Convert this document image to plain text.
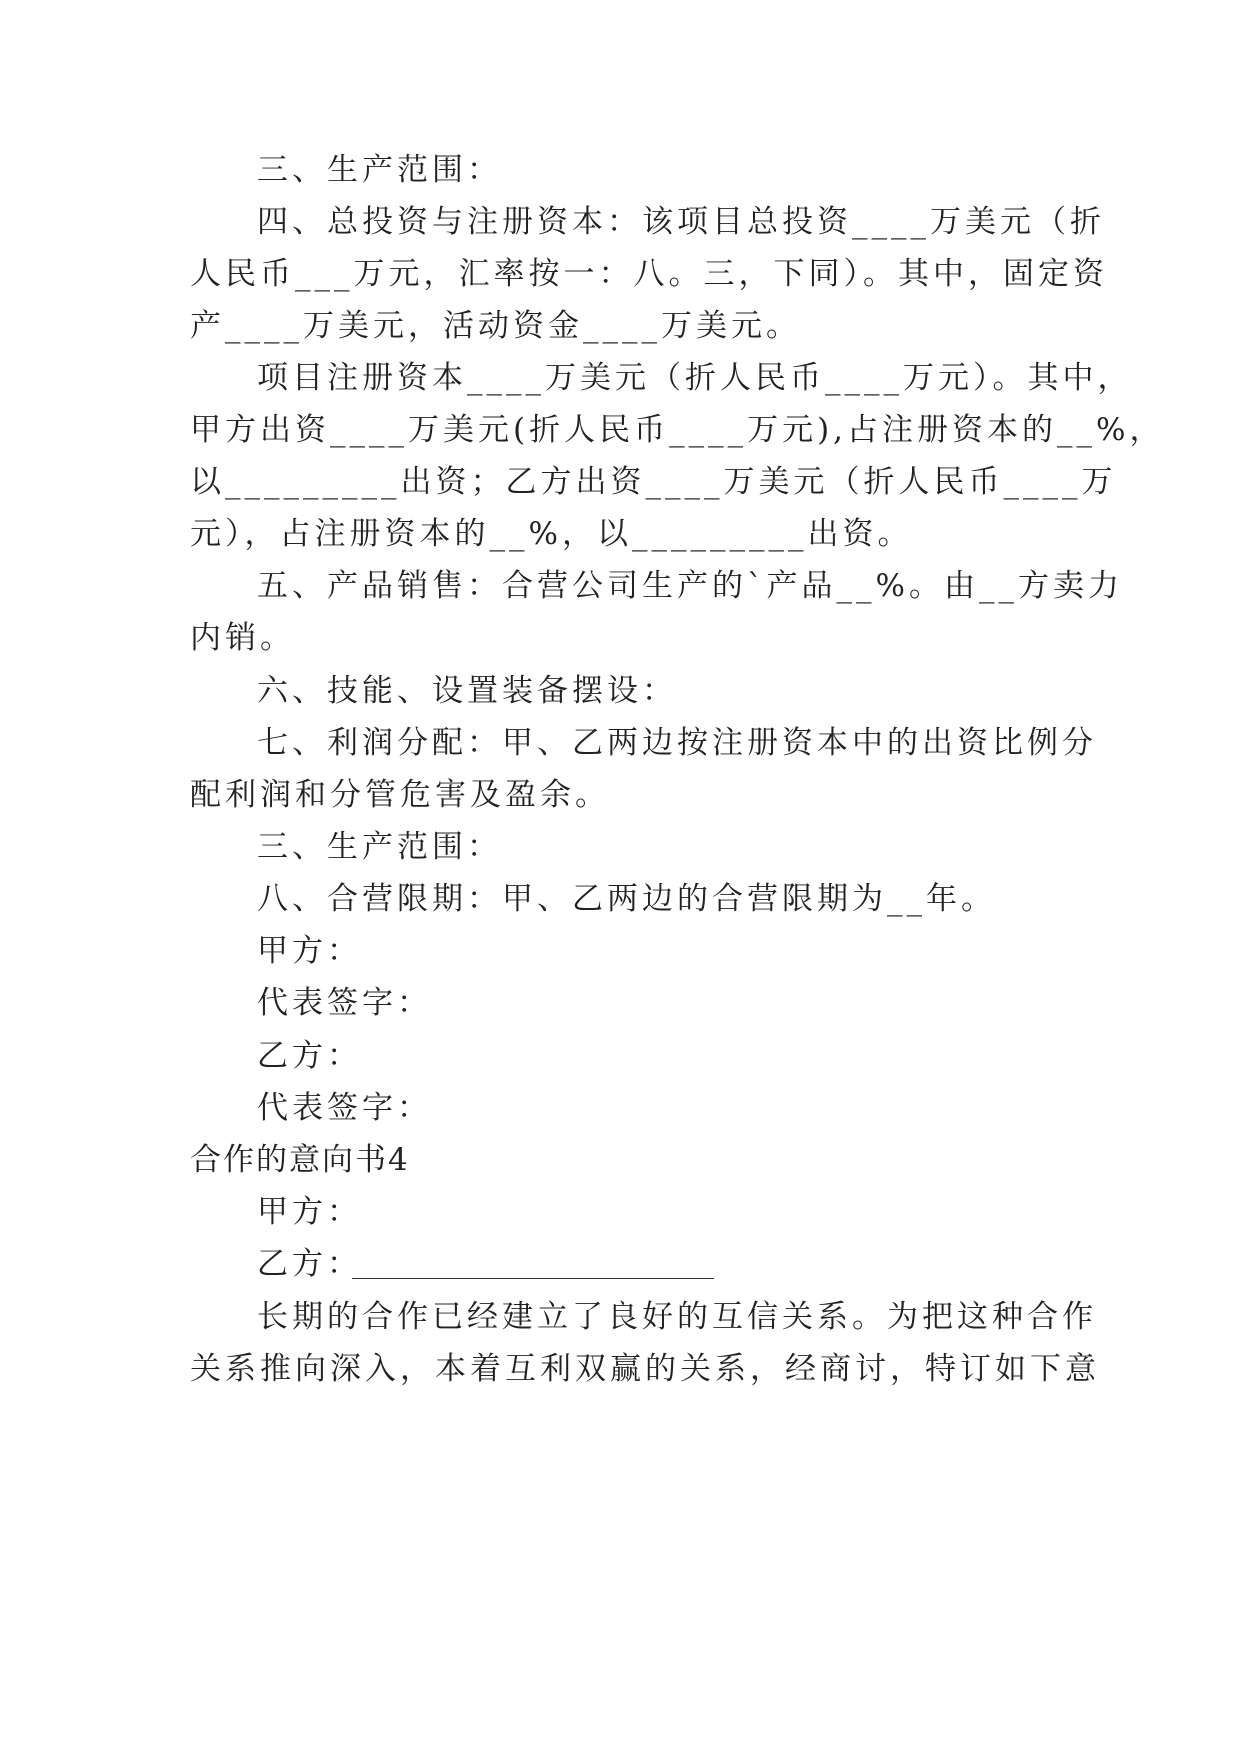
三、生产范围：
四、总投资与注册资本：该项目总投资____万美元（折
人民币___万元，汇率按一：八。三，下同）。其中，固定资
产____万美元，活动资金____万美元。
项目注册资本____万美元（折人民币____万元）。其中，
甲方出资____万美元(折人民币____万元),占注册资本的__%，
以_________出资；乙方出资____万美元（折人民币____万
元），占注册资本的__%，以_________出资。
五、产品销售：合营公司生产的`产品__%。由__方卖力
内销。
六、技能、设置装备摆设：
七、利润分配：甲、乙两边按注册资本中的出资比例分
配利润和分管危害及盈余。
三、生产范围：
八、合营限期：甲、乙两边的合营限期为__年。
甲方：
代表签字：
乙方：
代表签字：
合作的意向书4
甲方：
乙方：
长期的合作已经建立了良好的互信关系。为把这种合作
关系推向深入，本着互利双赢的关系，经商讨，特订如下意
